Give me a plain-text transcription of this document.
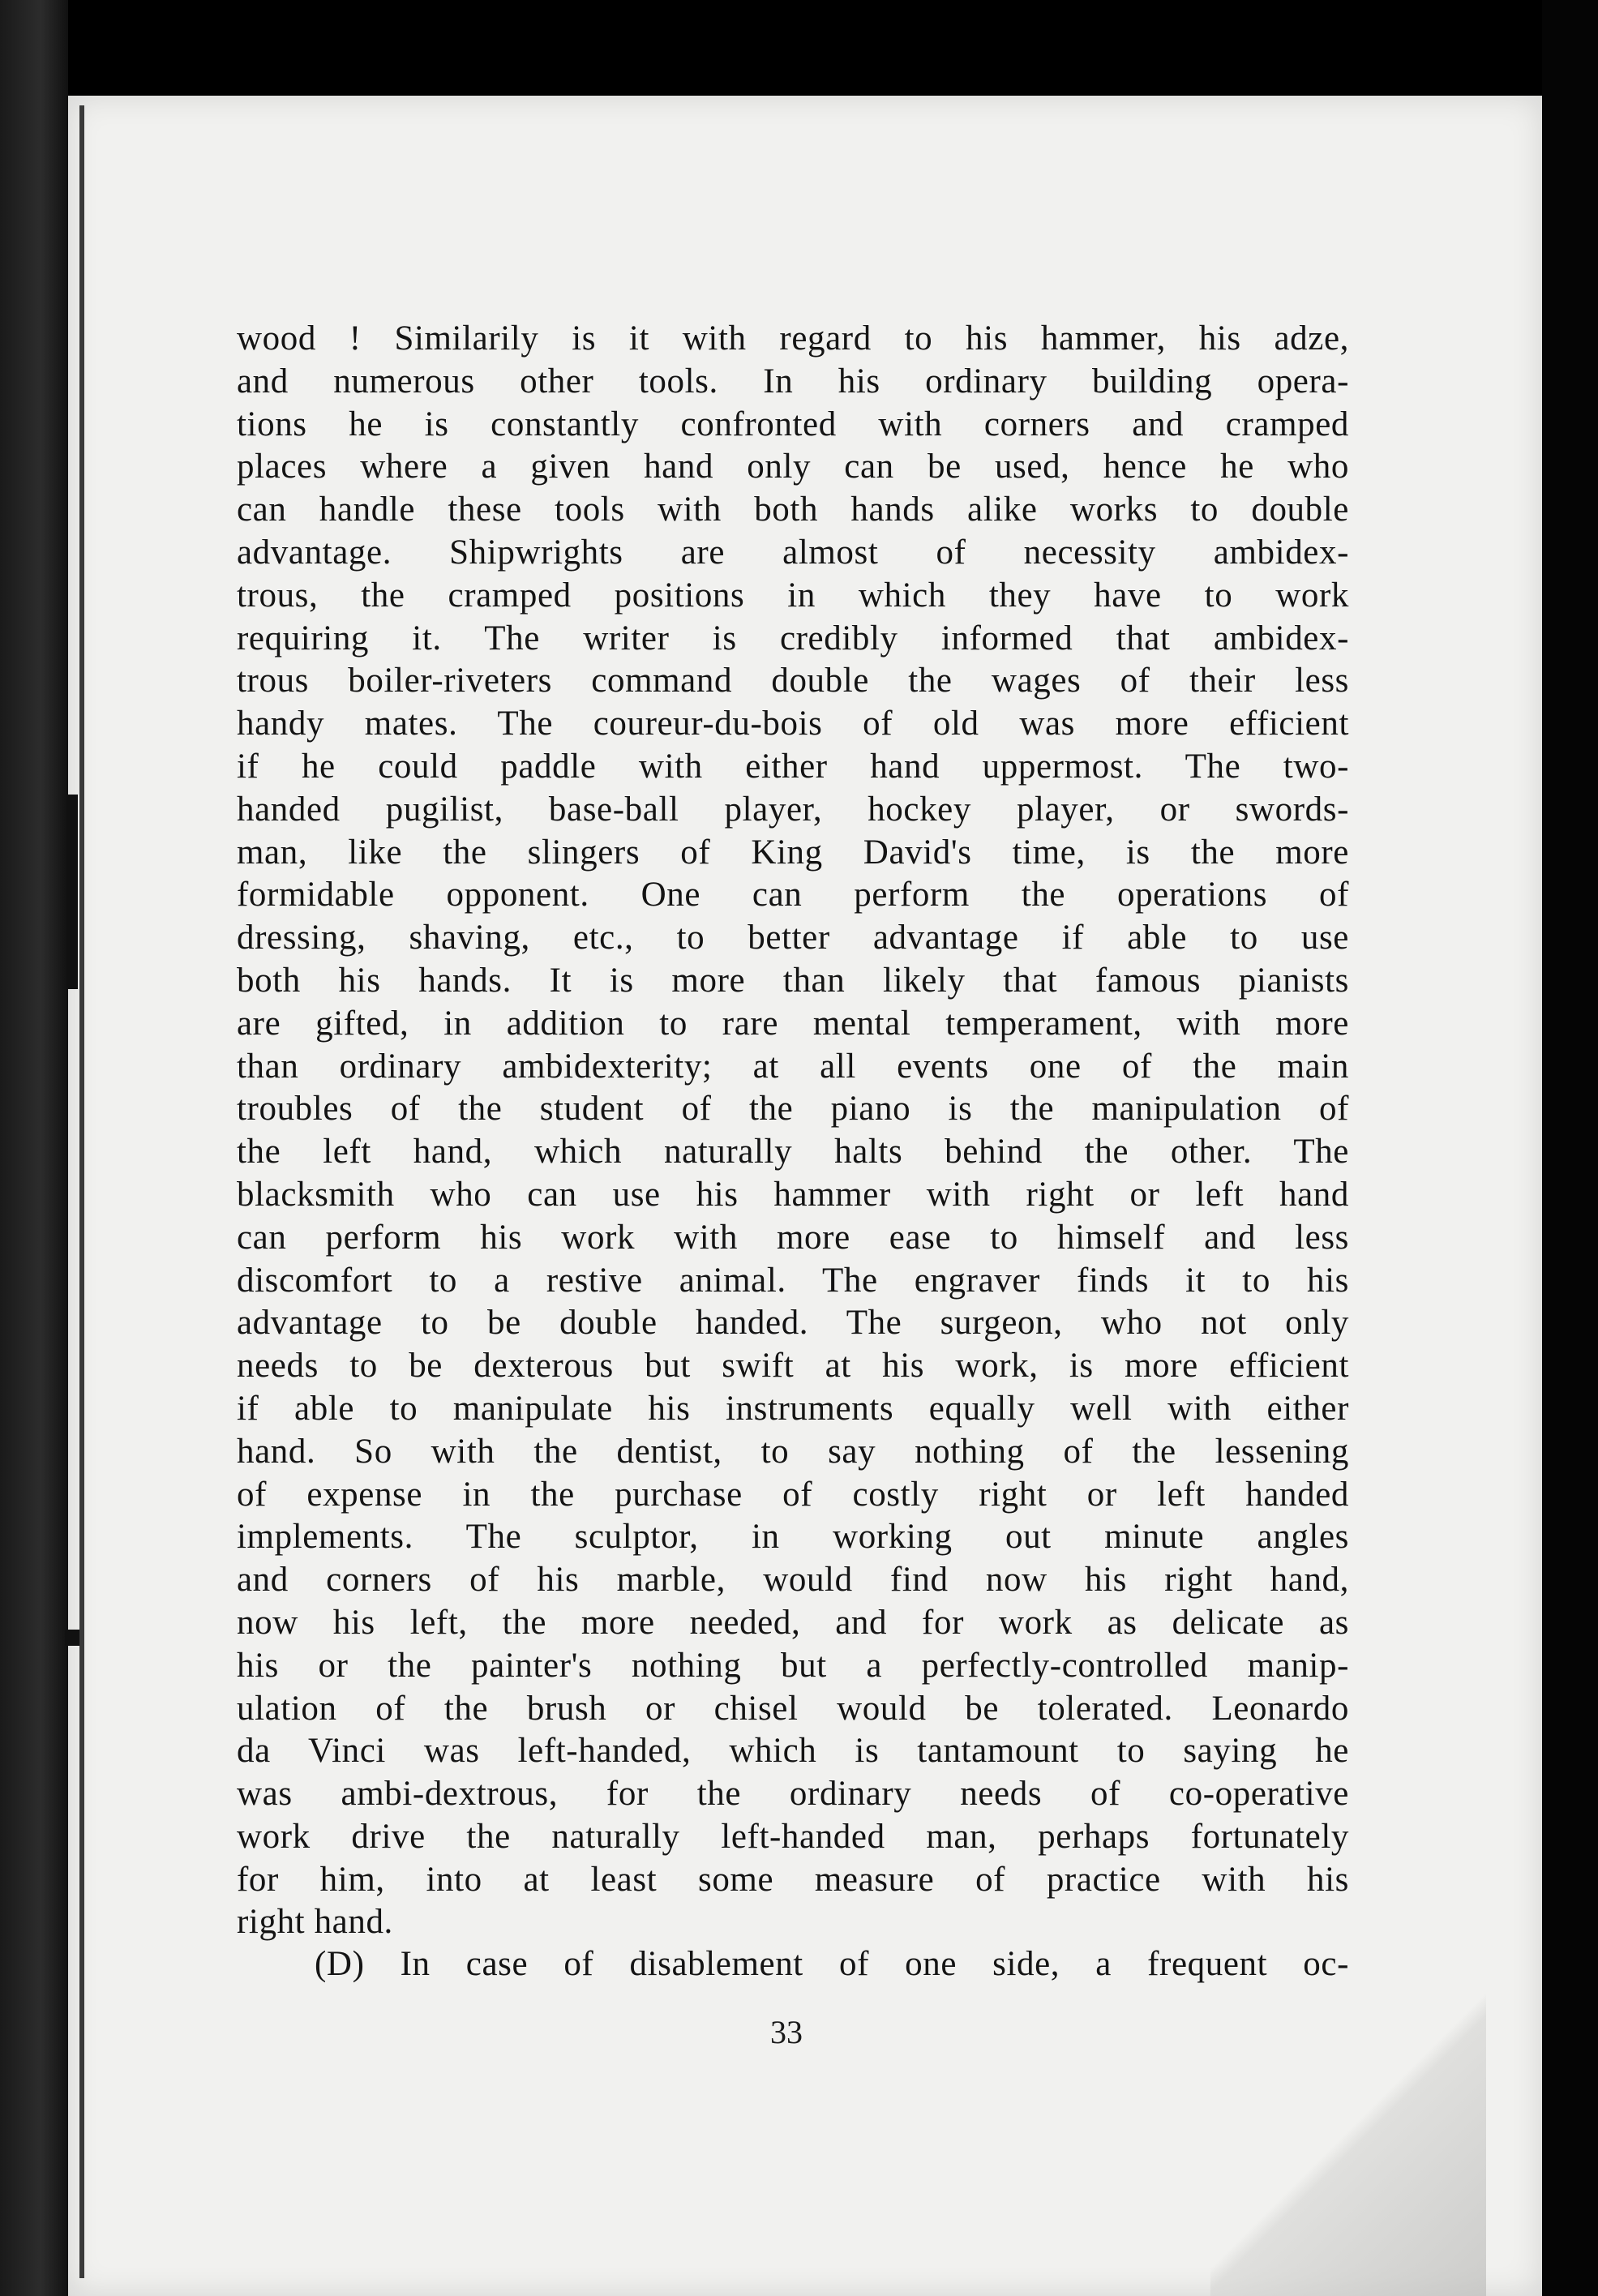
wood ! Similarily is it with regard to his hammer, his adze,
and numerous other tools. In his ordinary building opera-
tions he is constantly confronted with corners and cramped
places where a given hand only can be used, hence he who
can handle these tools with both hands alike works to double
advantage. Shipwrights are almost of necessity ambidex-
trous, the cramped positions in which they have to work
requiring it. The writer is credibly informed that ambidex-
trous boiler-riveters command double the wages of their less
handy mates. The coureur-du-bois of old was more efficient
if he could paddle with either hand uppermost. The two-
handed pugilist, base-ball player, hockey player, or swords-
man, like the slingers of King David's time, is the more
formidable opponent. One can perform the operations of
dressing, shaving, etc., to better advantage if able to use
both his hands. It is more than likely that famous pianists
are gifted, in addition to rare mental temperament, with more
than ordinary ambidexterity; at all events one of the main
troubles of the student of the piano is the manipulation of
the left hand, which naturally halts behind the other. The
blacksmith who can use his hammer with right or left hand
can perform his work with more ease to himself and less
discomfort to a restive animal. The engraver finds it to his
advantage to be double handed. The surgeon, who not only
needs to be dexterous but swift at his work, is more efficient
if able to manipulate his instruments equally well with either
hand. So with the dentist, to say nothing of the lessening
of expense in the purchase of costly right or left handed
implements. The sculptor, in working out minute angles
and corners of his marble, would find now his right hand,
now his left, the more needed, and for work as delicate as
his or the painter's nothing but a perfectly-controlled manip-
ulation of the brush or chisel would be tolerated. Leonardo
da Vinci was left-handed, which is tantamount to saying he
was ambi-dextrous, for the ordinary needs of co-operative
work drive the naturally left-handed man, perhaps fortunately
for him, into at least some measure of practice with his
right hand.
(D) In case of disablement of one side, a frequent oc-
33
